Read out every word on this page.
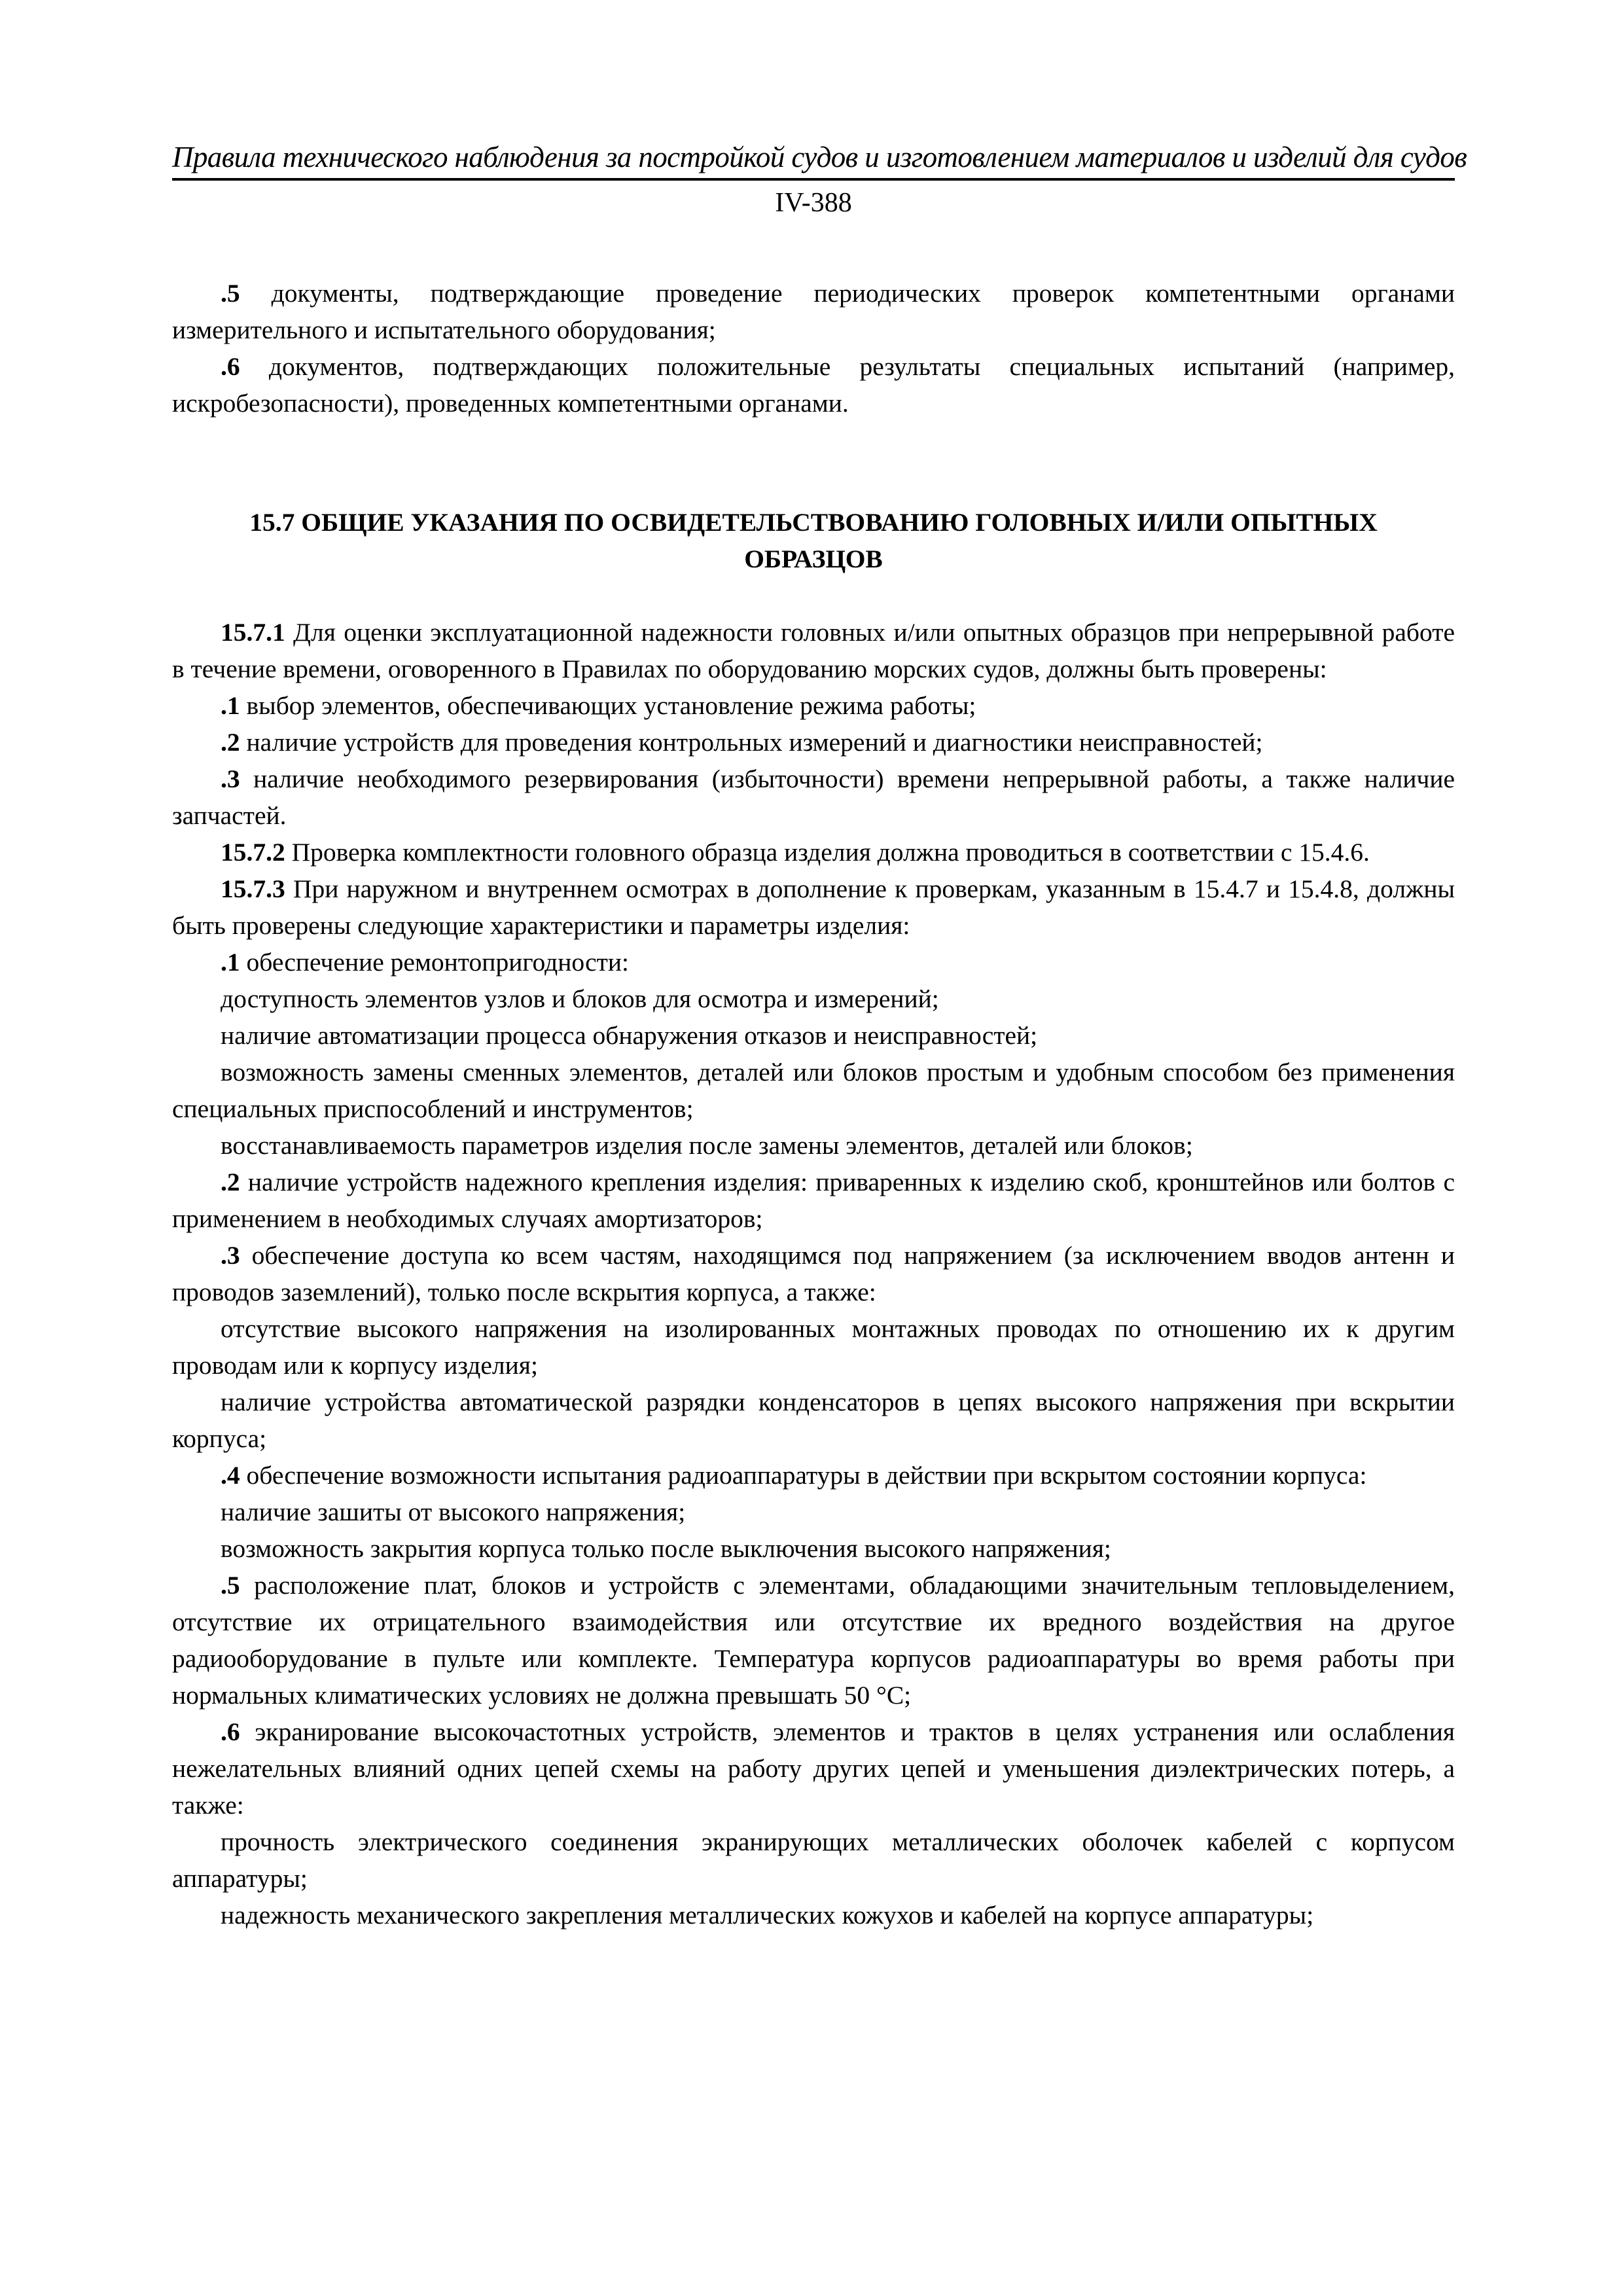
Правила технического наблюдения за постройкой судов и изготовлением материалов и изделий для судов
IV-388

.5 документы, подтверждающие проведение периодических проверок компетентными органами измерительного и испытательного оборудования;

.6 документов, подтверждающих положительные результаты специальных испытаний (например, искробезопасности), проведенных компетентными органами.

15.7 ОБЩИЕ УКАЗАНИЯ ПО ОСВИДЕТЕЛЬСТВОВАНИЮ ГОЛОВНЫХ И/ИЛИ ОПЫТНЫХ ОБРАЗЦОВ

15.7.1 Для оценки эксплуатационной надежности головных и/или опытных образцов при непрерывной работе в течение времени, оговоренного в Правилах по оборудованию морских судов, должны быть проверены:

.1 выбор элементов, обеспечивающих установление режима работы;

.2 наличие устройств для проведения контрольных измерений и диагностики неисправностей;

.3 наличие необходимого резервирования (избыточности) времени непрерывной работы, а также наличие запчастей.

15.7.2 Проверка комплектности головного образца изделия должна проводиться в соответствии с 15.4.6.

15.7.3 При наружном и внутреннем осмотрах в дополнение к проверкам, указанным в 15.4.7 и 15.4.8, должны быть проверены следующие характеристики и параметры изделия:

.1 обеспечение ремонтопригодности:

доступность элементов узлов и блоков для осмотра и измерений;

наличие автоматизации процесса обнаружения отказов и неисправностей;

возможность замены сменных элементов, деталей или блоков простым и удобным способом без применения специальных приспособлений и инструментов;

восстанавливаемость параметров изделия после замены элементов, деталей или блоков;

.2 наличие устройств надежного крепления изделия: приваренных к изделию скоб, кронштейнов или болтов с применением в необходимых случаях амортизаторов;

.3 обеспечение доступа ко всем частям, находящимся под напряжением (за исключением вводов антенн и проводов заземлений), только после вскрытия корпуса, а также:

отсутствие высокого напряжения на изолированных монтажных проводах по отношению их к другим проводам или к корпусу изделия;

наличие устройства автоматической разрядки конденсаторов в цепях высокого напряжения при вскрытии корпуса;

.4 обеспечение возможности испытания радиоаппаратуры в действии при вскрытом состоянии корпуса:

наличие зашиты от высокого напряжения;

возможность закрытия корпуса только после выключения высокого напряжения;

.5 расположение плат, блоков и устройств с элементами, обладающими значительным тепловыделением, отсутствие их отрицательного взаимодействия или отсутствие их вредного воздействия на другое радиооборудование в пульте или комплекте. Температура корпусов радиоаппаратуры во время работы при нормальных климатических условиях не должна превышать 50 °С;

.6 экранирование высокочастотных устройств, элементов и трактов в целях устранения или ослабления нежелательных влияний одних цепей схемы на работу других цепей и уменьшения диэлектрических потерь, а также:

прочность электрического соединения экранирующих металлических оболочек кабелей с корпусом аппаратуры;

надежность механического закрепления металлических кожухов и кабелей на корпусе аппаратуры;
